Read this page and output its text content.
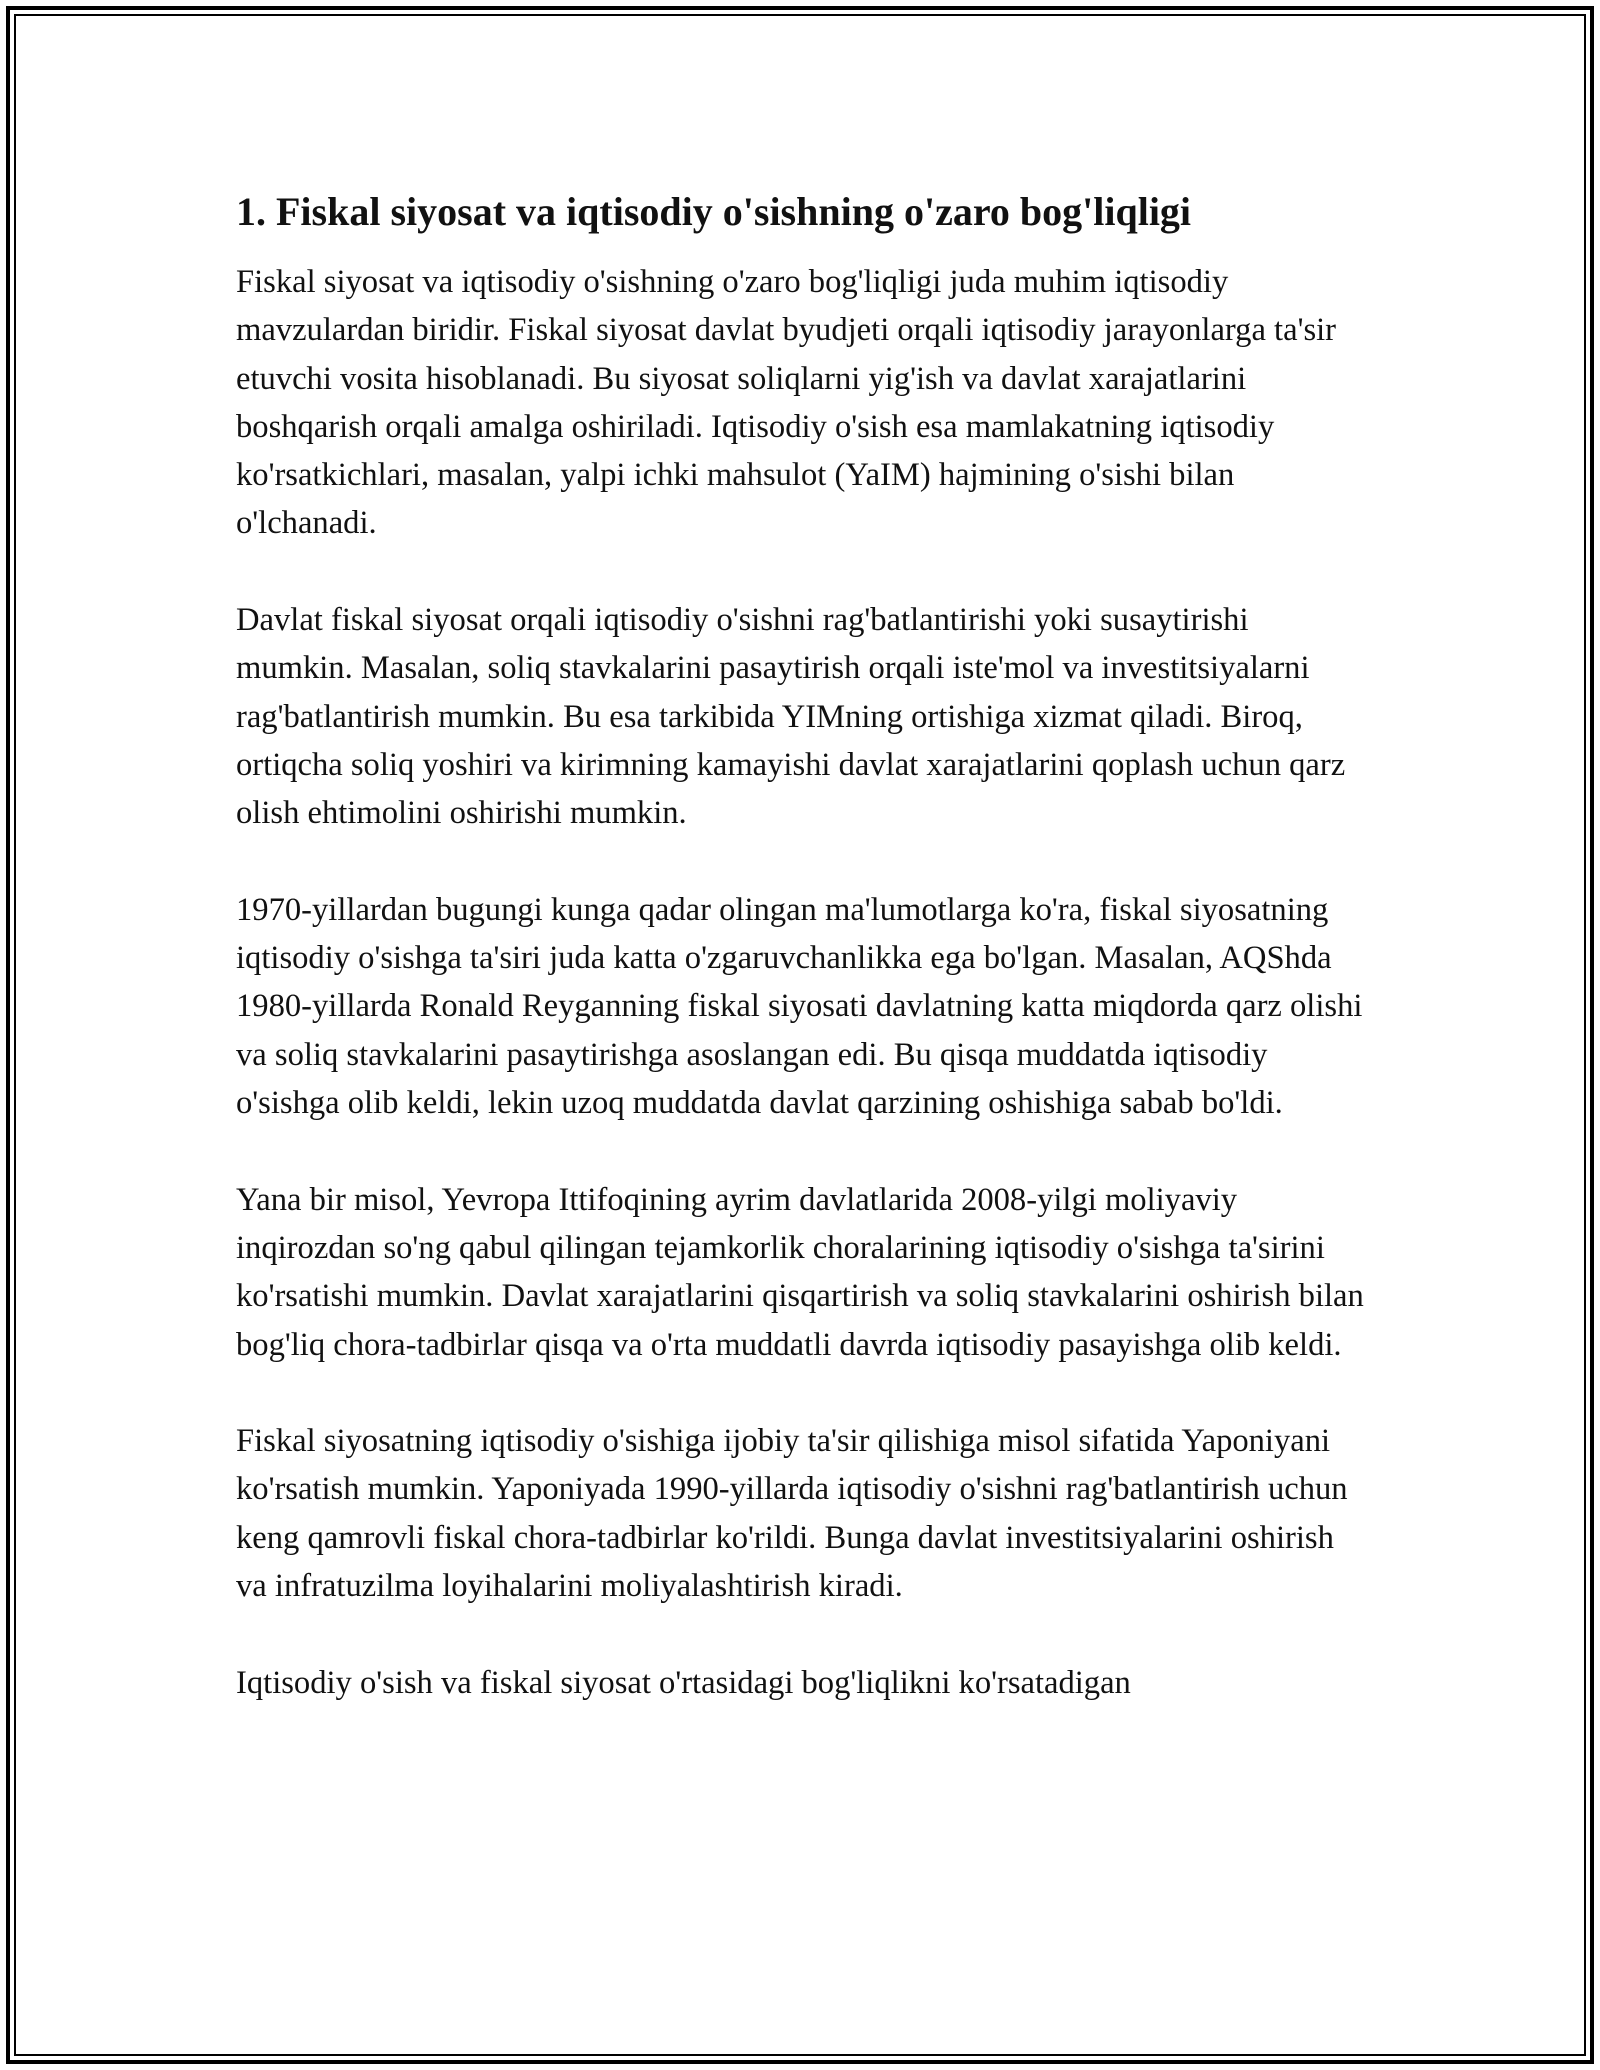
1. Fiskal siyosat va iqtisodiy o'sishning o'zaro bog'liqligi

Fiskal siyosat va iqtisodiy o'sishning o'zaro bog'liqligi juda muhim iqtisodiy mavzulardan biridir. Fiskal siyosat davlat byudjeti orqali iqtisodiy jarayonlarga ta'sir etuvchi vosita hisoblanadi. Bu siyosat soliqlarni yig'ish va davlat xarajatlarini boshqarish orqali amalga oshiriladi. Iqtisodiy o'sish esa mamlakatning iqtisodiy ko'rsatkichlari, masalan, yalpi ichki mahsulot (YaIM) hajmining o'sishi bilan o'lchanadi.

Davlat fiskal siyosat orqali iqtisodiy o'sishni rag'batlantirishi yoki susaytirishi mumkin. Masalan, soliq stavkalarini pasaytirish orqali iste'mol va investitsiyalarni rag'batlantirish mumkin. Bu esa tarkibida YIMning ortishiga xizmat qiladi. Biroq, ortiqcha soliq yoshiri va kirimning kamayishi davlat xarajatlarini qoplash uchun qarz olish ehtimolini oshirishi mumkin.

1970-yillardan bugungi kunga qadar olingan ma'lumotlarga ko'ra, fiskal siyosatning iqtisodiy o'sishga ta'siri juda katta o'zgaruvchanlikka ega bo'lgan. Masalan, AQShda 1980-yillarda Ronald Reyganning fiskal siyosati davlatning katta miqdorda qarz olishi va soliq stavkalarini pasaytirishga asoslangan edi. Bu qisqa muddatda iqtisodiy o'sishga olib keldi, lekin uzoq muddatda davlat qarzining oshishiga sabab bo'ldi.

Yana bir misol, Yevropa Ittifoqining ayrim davlatlarida 2008-yilgi moliyaviy inqirozdan so'ng qabul qilingan tejamkorlik choralarining iqtisodiy o'sishga ta'sirini ko'rsatishi mumkin. Davlat xarajatlarini qisqartirish va soliq stavkalarini oshirish bilan bog'liq chora-tadbirlar qisqa va o'rta muddatli davrda iqtisodiy pasayishga olib keldi.

Fiskal siyosatning iqtisodiy o'sishiga ijobiy ta'sir qilishiga misol sifatida Yaponiyani ko'rsatish mumkin. Yaponiyada 1990-yillarda iqtisodiy o'sishni rag'batlantirish uchun keng qamrovli fiskal chora-tadbirlar ko'rildi. Bunga davlat investitsiyalarini oshirish va infratuzilma loyihalarini moliyalashtirish kiradi.

Iqtisodiy o'sish va fiskal siyosat o'rtasidagi bog'liqlikni ko'rsatadigan
